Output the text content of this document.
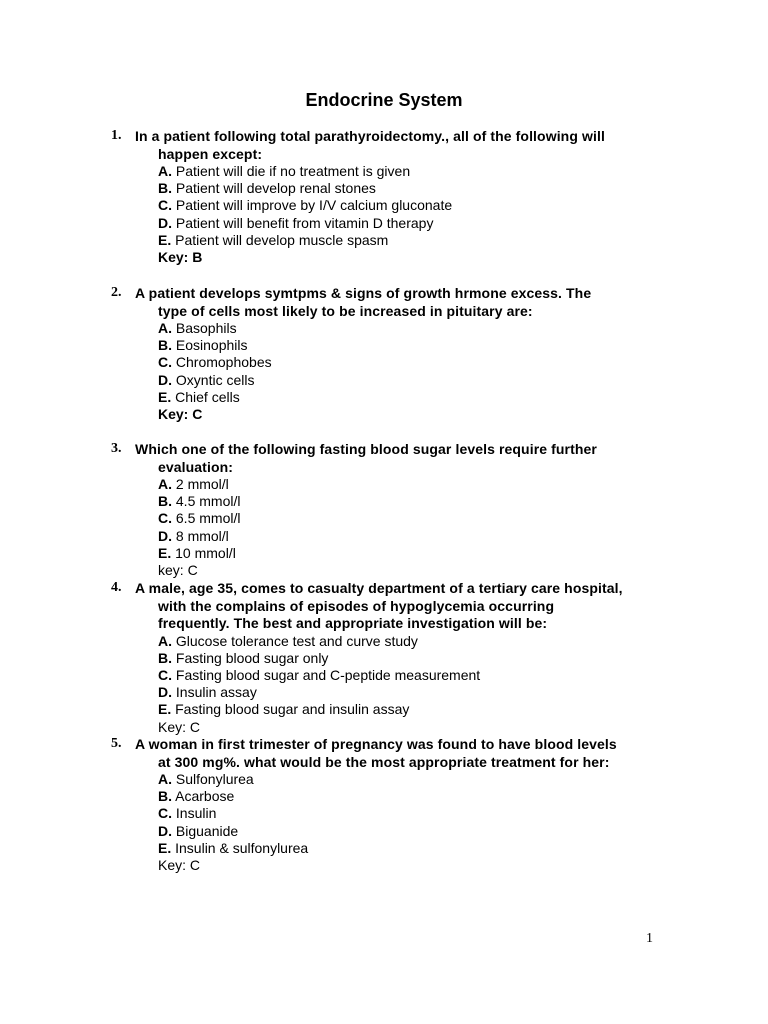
Endocrine System
1. In a patient following total parathyroidectomy., all of the following will
happen except:
A. Patient will die if no treatment is given
B. Patient will develop renal stones
C. Patient will improve by I/V calcium gluconate
D. Patient will benefit from vitamin D therapy
E. Patient will develop muscle spasm
Key: B
2. A patient develops symtpms & signs of growth hrmone excess. The
type of cells most likely to be increased in pituitary are:
A. Basophils
B. Eosinophils
C. Chromophobes
D. Oxyntic cells
E. Chief cells
Key: C
3. Which one of the following fasting blood sugar levels require further
evaluation:
A. 2 mmol/l
B. 4.5 mmol/l
C. 6.5 mmol/l
D. 8 mmol/l
E. 10 mmol/l
key: C
4. A male, age 35, comes to casualty department of a tertiary care hospital,
with the complains of episodes of hypoglycemia occurring
frequently. The best and appropriate investigation will be:
A. Glucose tolerance test and curve study
B. Fasting blood sugar only
C. Fasting blood sugar and C-peptide measurement
D. Insulin assay
E. Fasting blood sugar and insulin assay
Key: C
5. A woman in first trimester of pregnancy was found to have blood levels
at 300 mg%. what would be the most appropriate treatment for her:
A. Sulfonylurea
B. Acarbose
C. Insulin
D. Biguanide
E. Insulin & sulfonylurea
Key: C
1
